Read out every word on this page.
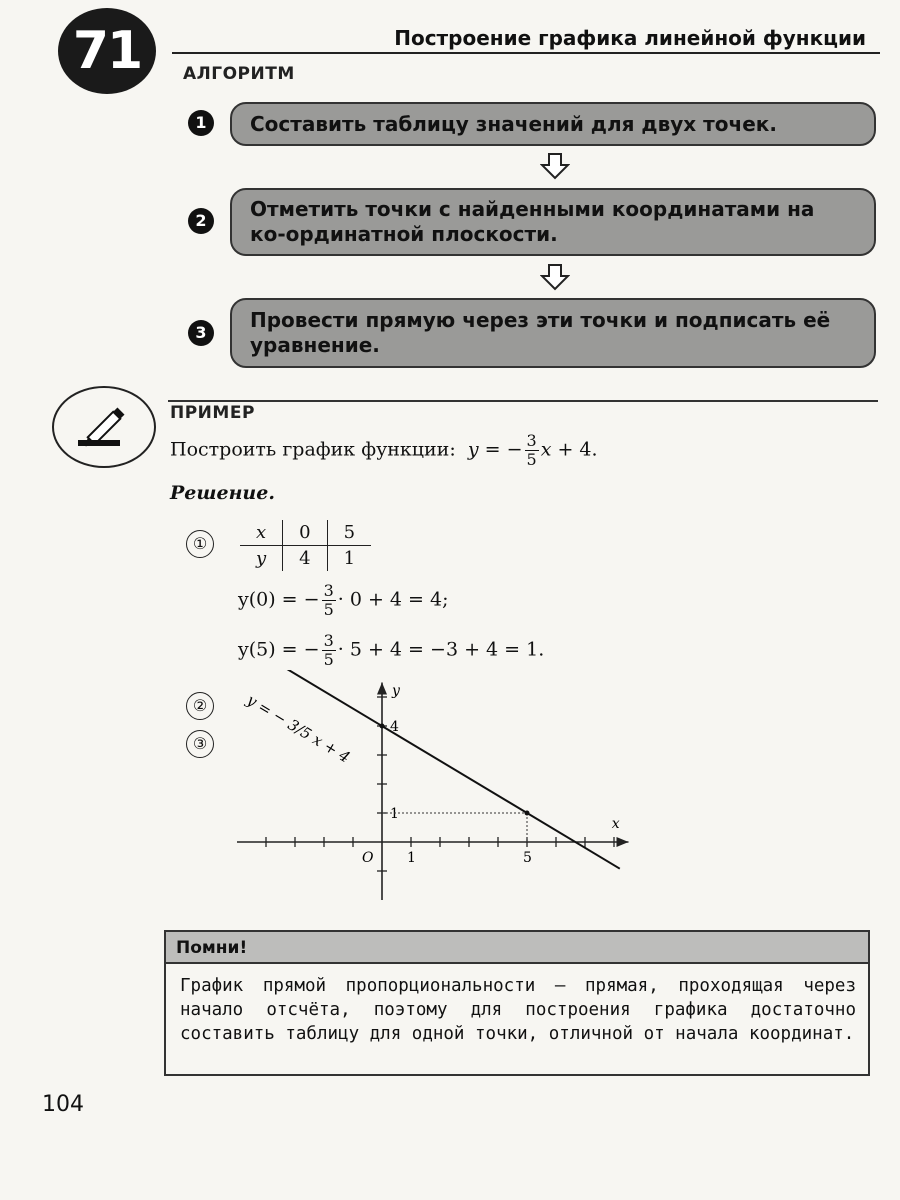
71	Построение графика линейной функции
АЛГОРИТМ
1	Составить таблицу значений для двух точек.
2	Отметить точки с найденными координатами на ко-ординатной плоскости.
3
Провести прямую через эти точки и подписать её уравнение.
ПРИМЕР
Построить график функции:  y = − $\frac{3}{5}$ x + 4.
Решение.
①
②
③
x	0	5
y	4	1
y(0) = − $\frac{3}{5} \cdot 0 + 4 = 4$;
y(5) = − $\frac{3}{5} \cdot 5 + 4 = -3 + 4 = 1$.
1	5
1
4
O
x
y
y = − 3/5 x + 4
Помни!
График прямой пропорциональности — прямая, проходящая через начало отсчёта, поэтому для построения графика достаточно составить таблицу для одной точки, отличной от начала координат.
104
